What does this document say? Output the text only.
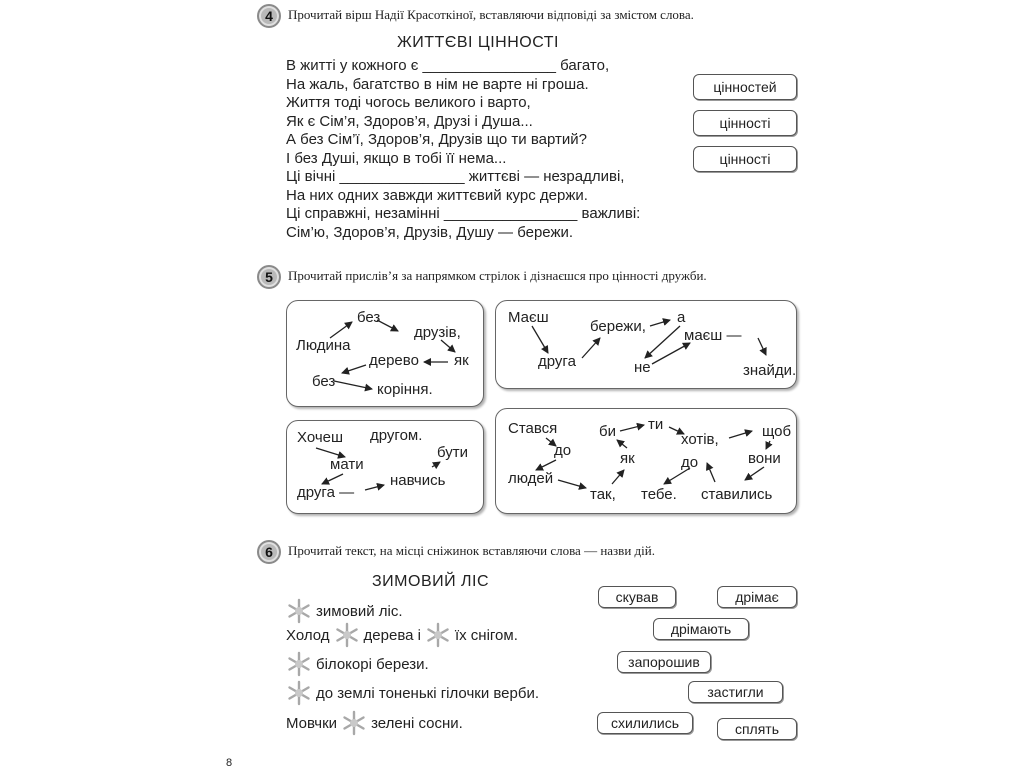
4 Прочитай вірш Надії Красоткіної, вставляючи відповіді за змістом слова.
ЖИТТЄВІ ЦІННОСТІ
В житті у кожного є ________________ багато,
На жаль, багатство в нім не варте ні гроша.
Життя тоді чогось великого і варто,
Як є Сім’я, Здоров’я, Друзі і Душа...
А без Сім’ї, Здоров’я, Друзів що ти вартий?
І без Душі, якщо в тобі її нема...
Ці вічні _______________ життєві — незрадливі,
На них одних завжди життєвий курс держи.
Ці справжні, незамінні ________________ важливі:
Сім’ю, Здоров’я, Друзів, Душу — бережи.
цінностей
цінності
цінності
5 Прочитай прислів’я за напрямком стрілок і дізнаєшся про цінності дружби.
без
друзів,
Людина
дерево як
без	коріння.
Маєш
бережи,
а
маєш —
друга	не	знайди.
Хочеш другом.
бути
мати
друга —
навчись
Стався	би ти
хотів,	щоб
до	як	до	вони
людей
так, тебе. ставились
6 Прочитай текст, на місці сніжинок вставляючи слова — назви дій.
ЗИМОВИЙ ЛІС
зимовий ліс.
Холод дерева і їх снігом.
білокорі берези.
до землі тоненькі гілочки верби.
Мовчки зелені сосни.
скував	дрімає
дрімають
запорошив
застигли
схилились	сплять
8
